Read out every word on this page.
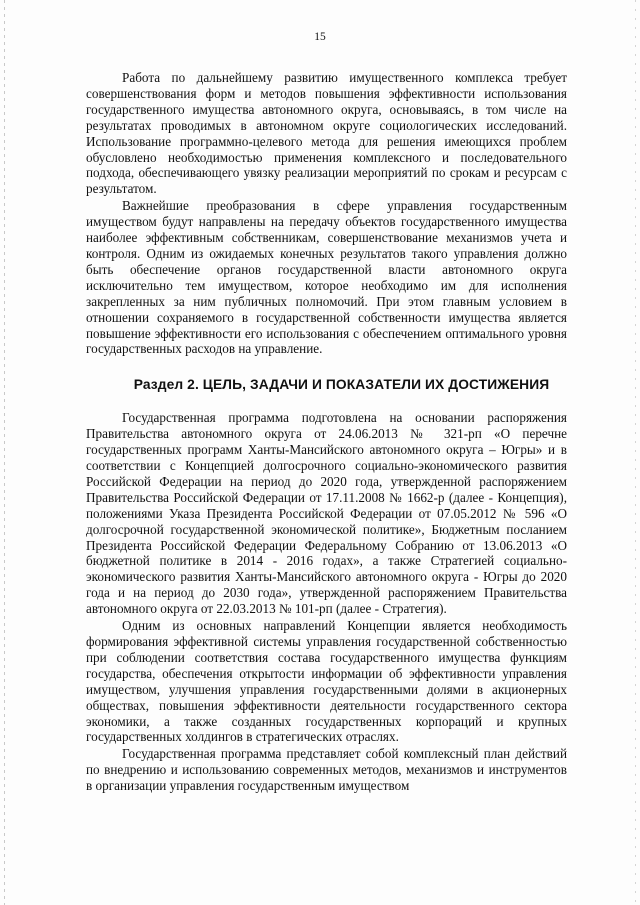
15

Работа по дальнейшему развитию имущественного комплекса требует совершенствования форм и методов повышения эффективности использования государственного имущества автономного округа, основываясь, в том числе на результатах проводимых в автономном округе социологических исследований. Использование программно-целевого метода для решения имеющихся проблем обусловлено необходимостью применения комплексного и последовательного подхода, обеспечивающего увязку реализации мероприятий по срокам и ресурсам с результатом.

Важнейшие преобразования в сфере управления государственным имуществом будут направлены на передачу объектов государственного имущества наиболее эффективным собственникам, совершенствование механизмов учета и контроля. Одним из ожидаемых конечных результатов такого управления должно быть обеспечение органов государственной власти автономного округа исключительно тем имуществом, которое необходимо им для исполнения закрепленных за ним публичных полномочий. При этом главным условием в отношении сохраняемого в государственной собственности имущества является повышение эффективности его использования с обеспечением оптимального уровня государственных расходов на управление.

Раздел 2. ЦЕЛЬ, ЗАДАЧИ И ПОКАЗАТЕЛИ ИХ ДОСТИЖЕНИЯ

Государственная программа подготовлена на основании распоряжения Правительства автономного округа от 24.06.2013 № 321-рп «О перечне государственных программ Ханты-Мансийского автономного округа – Югры» и в соответствии с Концепцией долгосрочного социально-экономического развития Российской Федерации на период до 2020 года, утвержденной распоряжением Правительства Российской Федерации от 17.11.2008 № 1662-р (далее - Концепция), положениями Указа Президента Российской Федерации от 07.05.2012 № 596 «О долгосрочной государственной экономической политике», Бюджетным посланием Президента Российской Федерации Федеральному Собранию от 13.06.2013 «О бюджетной политике в 2014 - 2016 годах», а также Стратегией социально-экономического развития Ханты-Мансийского автономного округа - Югры до 2020 года и на период до 2030 года», утвержденной распоряжением Правительства автономного округа от 22.03.2013 № 101-рп (далее - Стратегия).

Одним из основных направлений Концепции является необходимость формирования эффективной системы управления государственной собственностью при соблюдении соответствия состава государственного имущества функциям государства, обеспечения открытости информации об эффективности управления имуществом, улучшения управления государственными долями в акционерных обществах, повышения эффективности деятельности государственного сектора экономики, а также созданных государственных корпораций и крупных государственных холдингов в стратегических отраслях.

Государственная программа представляет собой комплексный план действий по внедрению и использованию современных методов, механизмов и инструментов в организации управления государственным имуществом
